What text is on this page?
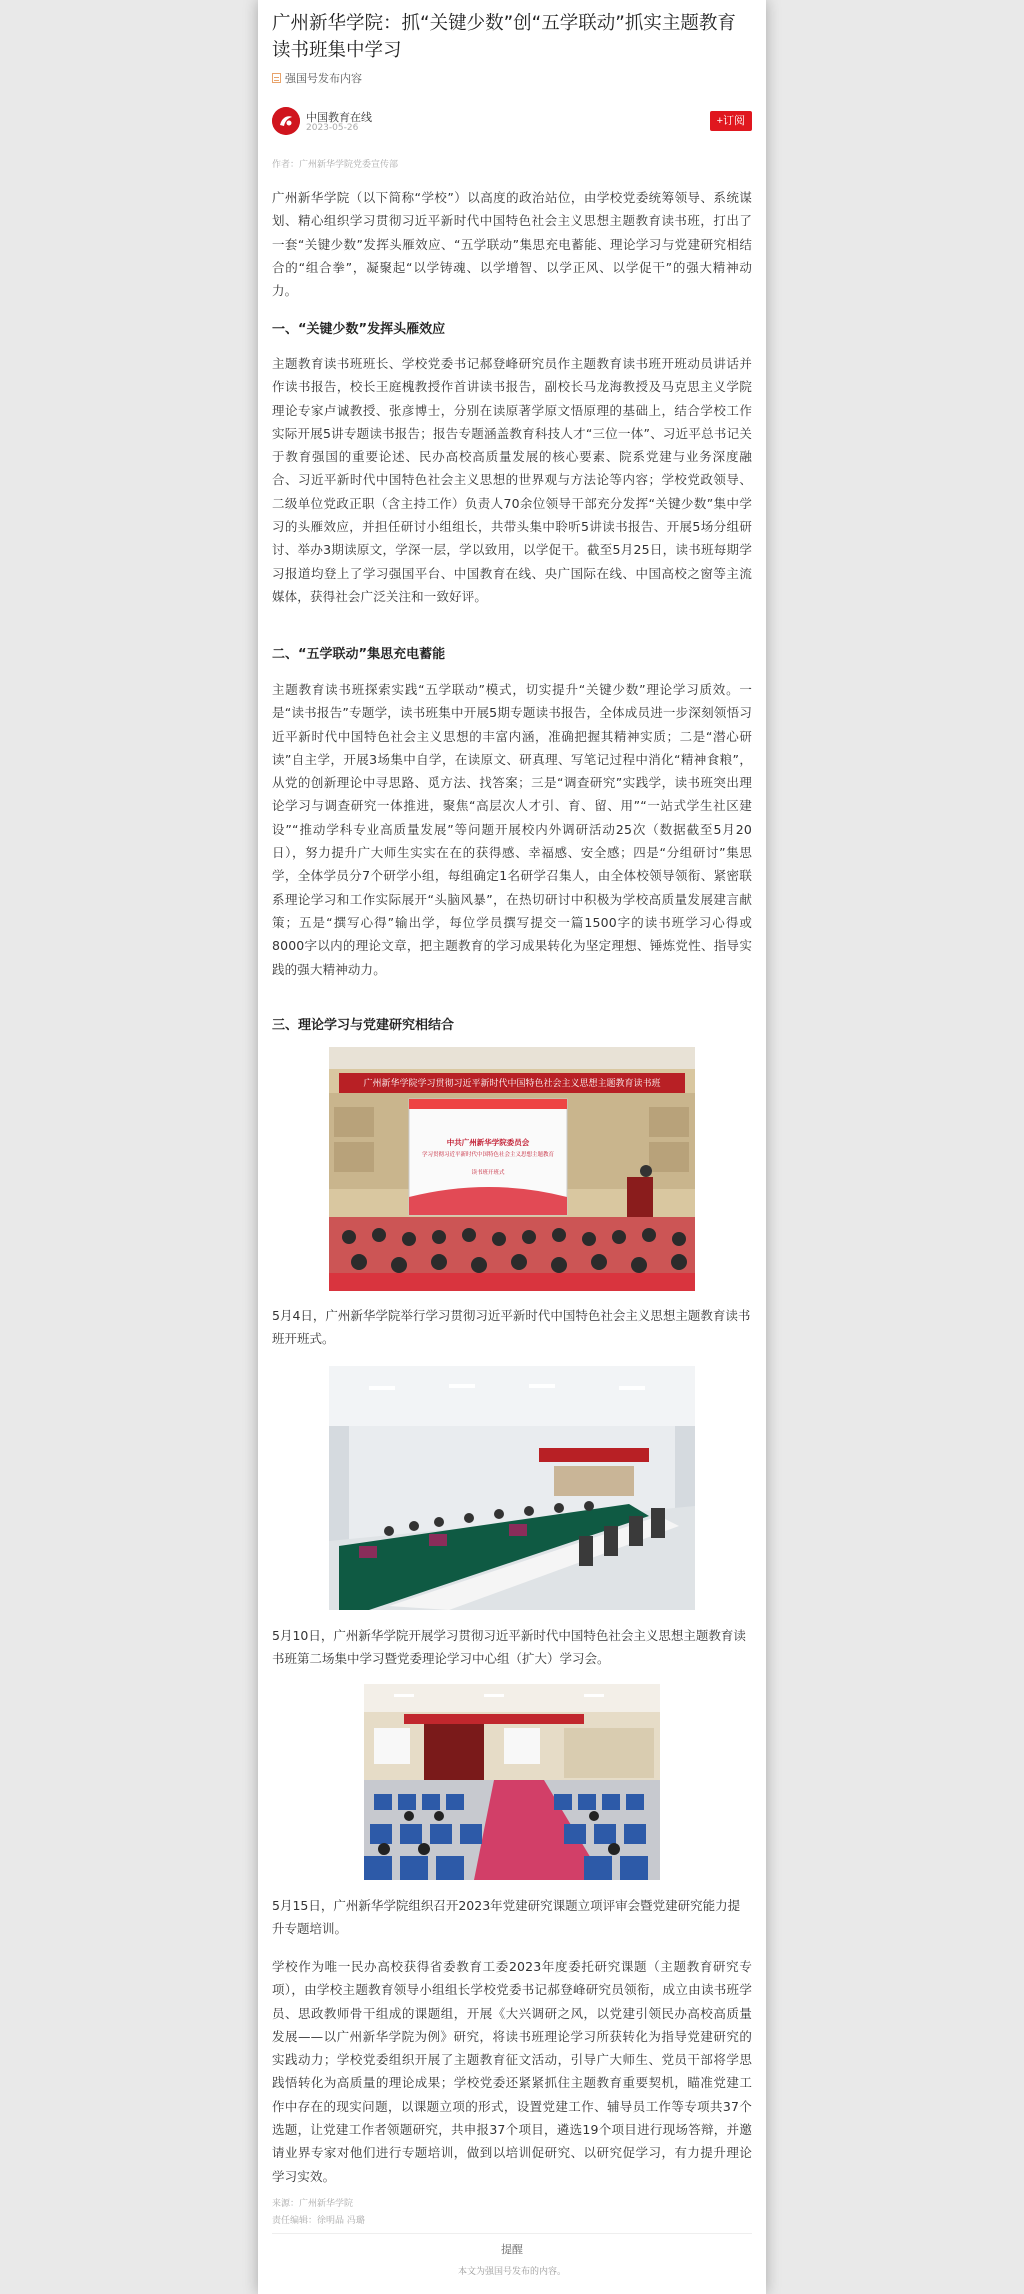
广州新华学院：抓“关键少数”创“五学联动”抓实主题教育读书班集中学习
强国号发布内容
中国教育在线
2023-05-26
+订阅
作者：广州新华学院党委宣传部

广州新华学院（以下简称“学校”）以高度的政治站位，由学校党委统筹领导、系统谋划、精心组织学习贯彻习近平新时代中国特色社会主义思想主题教育读书班，打出了一套“关键少数”发挥头雁效应、“五学联动”集思充电蓄能、理论学习与党建研究相结合的“组合拳”，凝聚起“以学铸魂、以学增智、以学正风、以学促干”的强大精神动力。

一、“关键少数”发挥头雁效应

主题教育读书班班长、学校党委书记郝登峰研究员作主题教育读书班开班动员讲话并作读书报告，校长王庭槐教授作首讲读书报告，副校长马龙海教授及马克思主义学院理论专家卢诚教授、张彦博士，分别在读原著学原文悟原理的基础上，结合学校工作实际开展5讲专题读书报告；报告专题涵盖教育科技人才“三位一体”、习近平总书记关于教育强国的重要论述、民办高校高质量发展的核心要素、院系党建与业务深度融合、习近平新时代中国特色社会主义思想的世界观与方法论等内容；学校党政领导、二级单位党政正职（含主持工作）负责人70余位领导干部充分发挥“关键少数”集中学习的头雁效应，并担任研讨小组组长，共带头集中聆听5讲读书报告、开展5场分组研讨、举办3期读原文，学深一层，学以致用，以学促干。截至5月25日，读书班每期学习报道均登上了学习强国平台、中国教育在线、央广国际在线、中国高校之窗等主流媒体，获得社会广泛关注和一致好评。

二、“五学联动”集思充电蓄能

主题教育读书班探索实践“五学联动”模式，切实提升“关键少数”理论学习质效。一是“读书报告”专题学，读书班集中开展5期专题读书报告，全体成员进一步深刻领悟习近平新时代中国特色社会主义思想的丰富内涵，准确把握其精神实质；二是“潜心研读”自主学，开展3场集中自学，在读原文、研真理、写笔记过程中消化“精神食粮”，从党的创新理论中寻思路、觅方法、找答案；三是“调查研究”实践学，读书班突出理论学习与调查研究一体推进，聚焦“高层次人才引、育、留、用”“一站式学生社区建设”“推动学科专业高质量发展”等问题开展校内外调研活动25次（数据截至5月20日），努力提升广大师生实实在在的获得感、幸福感、安全感；四是“分组研讨”集思学，全体学员分7个研学小组，每组确定1名研学召集人，由全体校领导领衔、紧密联系理论学习和工作实际展开“头脑风暴”，在热切研讨中积极为学校高质量发展建言献策；五是“撰写心得”输出学，每位学员撰写提交一篇1500字的读书班学习心得或8000字以内的理论文章，把主题教育的学习成果转化为坚定理想、锤炼党性、指导实践的强大精神动力。

三、理论学习与党建研究相结合

广州新华学院学习贯彻习近平新时代中国特色社会主义思想主题教育读书班
中共广州新华学院委员会
学习贯彻习近平新时代中国特色社会主义思想主题教育
读书班开班式

5月4日，广州新华学院举行学习贯彻习近平新时代中国特色社会主义思想主题教育读书班开班式。

5月10日，广州新华学院开展学习贯彻习近平新时代中国特色社会主义思想主题教育读书班第二场集中学习暨党委理论学习中心组（扩大）学习会。

5月15日，广州新华学院组织召开2023年党建研究课题立项评审会暨党建研究能力提升专题培训。

学校作为唯一民办高校获得省委教育工委2023年度委托研究课题（主题教育研究专项），由学校主题教育领导小组组长学校党委书记郝登峰研究员领衔，成立由读书班学员、思政教师骨干组成的课题组，开展《大兴调研之风，以党建引领民办高校高质量发展——以广州新华学院为例》研究，将读书班理论学习所获转化为指导党建研究的实践动力；学校党委组织开展了主题教育征文活动，引导广大师生、党员干部将学思践悟转化为高质量的理论成果；学校党委还紧紧抓住主题教育重要契机，瞄准党建工作中存在的现实问题，以课题立项的形式，设置党建工作、辅导员工作等专项共37个选题，让党建工作者领题研究，共申报37个项目，遴选19个项目进行现场答辩，并邀请业界专家对他们进行专题培训，做到以培训促研究、以研究促学习，有力提升理论学习实效。

来源：广州新华学院
责任编辑：徐明晶 冯璐
提醒
本文为强国号发布的内容。
